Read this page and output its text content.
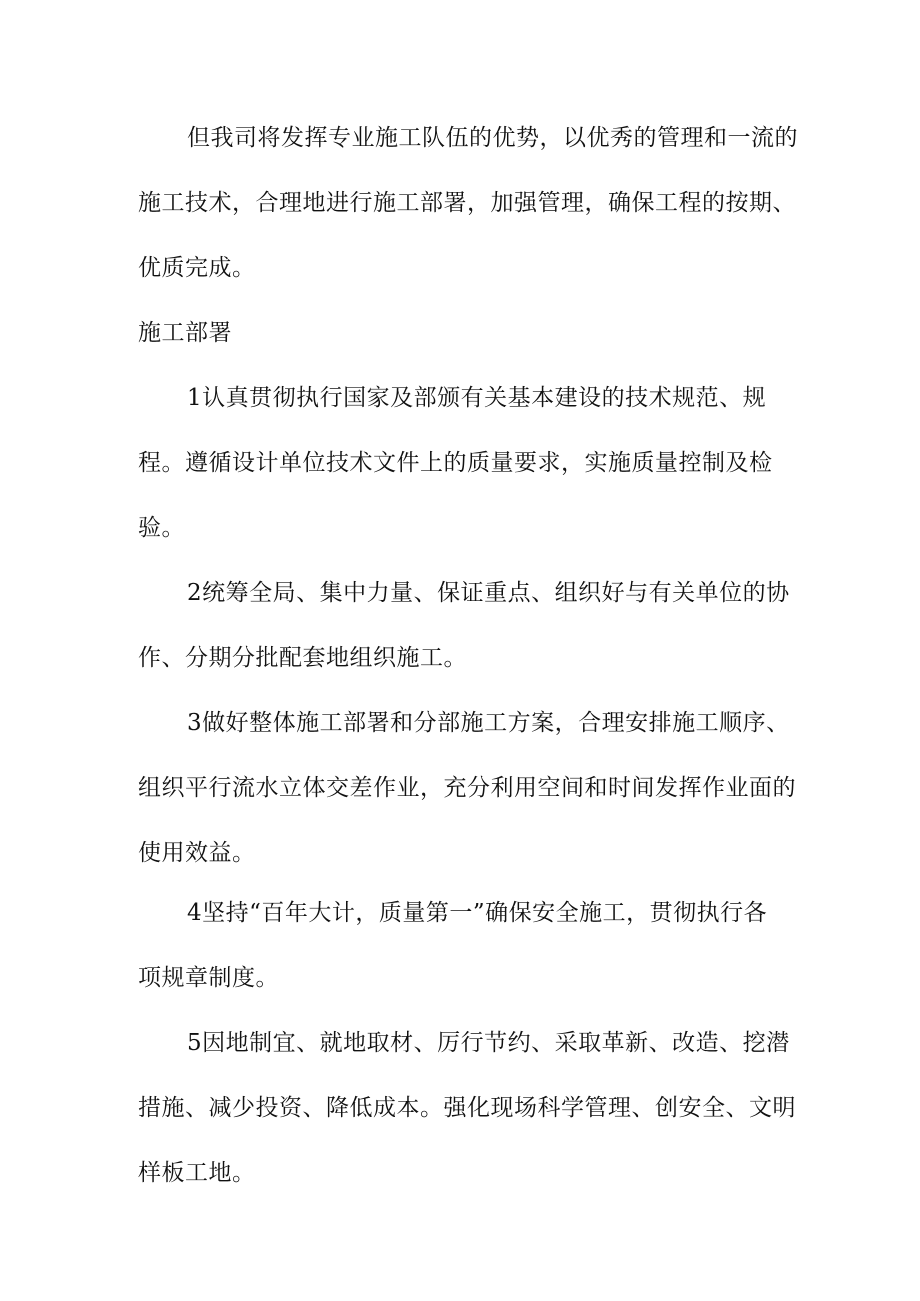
但我司将发挥专业施工队伍的优势，以优秀的管理和一流的
施工技术，合理地进行施工部署，加强管理，确保工程的按期、
优质完成。
施工部署
1认真贯彻执行国家及部颁有关基本建设的技术规范、规
程。遵循设计单位技术文件上的质量要求，实施质量控制及检
验。
2统筹全局、集中力量、保证重点、组织好与有关单位的协
作、分期分批配套地组织施工。
3做好整体施工部署和分部施工方案，合理安排施工顺序、
组织平行流水立体交差作业，充分利用空间和时间发挥作业面的
使用效益。
4坚持“百年大计，质量第一”确保安全施工，贯彻执行各
项规章制度。
5因地制宜、就地取材、厉行节约、采取革新、改造、挖潜
措施、减少投资、降低成本。强化现场科学管理、创安全、文明
样板工地。
